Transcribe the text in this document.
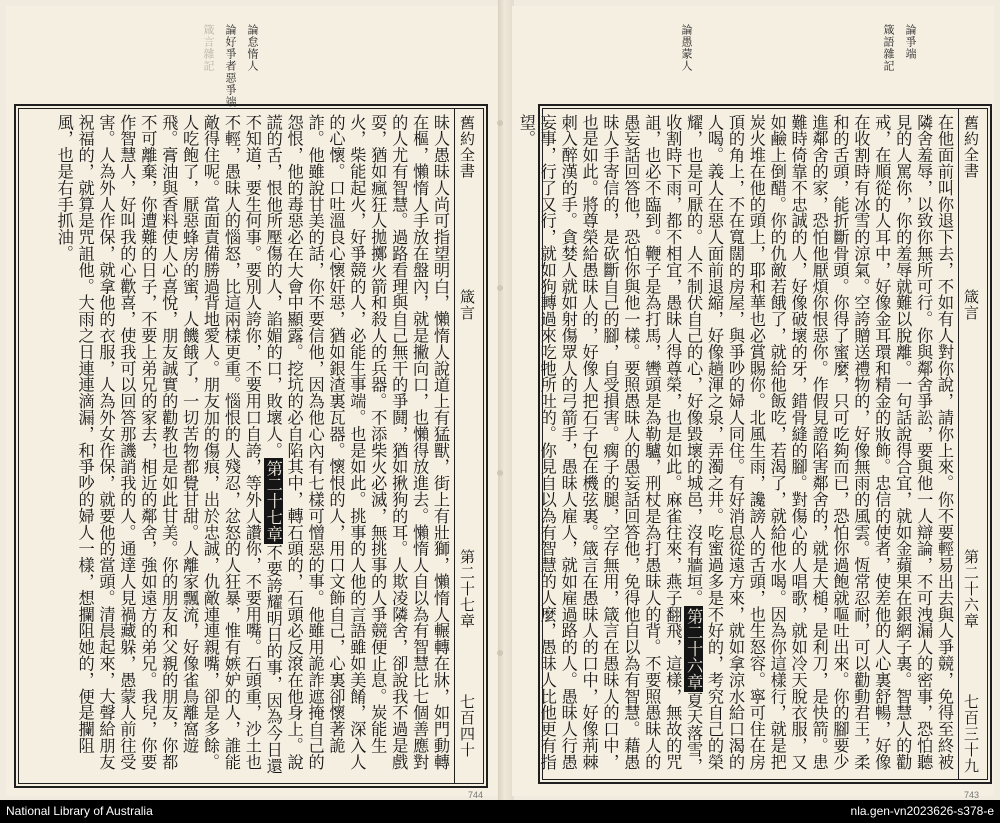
論怠惰人
論好爭者惡爭端
箴言雜記
舊約全書
箴言
第二十七章
七百四十
昧人愚昧人尚可指望明白，懶惰人說道上有猛獸，街上有壯獅，懶惰人輾轉在牀，如門動轉在樞，懶惰人手放在盤內，就是撇向口，也懶得放進去。懶惰人自以為有智慧比七個善應對的人尤有智慧。過路看理與自己無干的爭鬪，猶如揪狗的耳。人欺凌隣舍，卻說我不過是戲耍，猶如瘋狂人拋擲火箭和殺人的兵器。不添柴火必滅，無挑事的人爭競便止息。炭能生火，柴能起火，好爭競的人，必能生事端。也是如此。挑事的人他的言語雖如美餚，深入人的心懷。口吐溫良心懷奸惡，猶如銀渣裏瓦器。懷恨的人，用口文飾自己，心裏卻懷著詭詐。他雖說甘美的話，你不要信他，因為他心內有七樣可憎惡的事。他雖用詭詐遮掩自己的怨恨，他的毒惡必在大會中顯露。挖坑的必自陷其中，轉石頭的，石頭必反滾在他身上。說謊的舌，恨他所壓傷的人，諂媚的口，敗壞人。第二十七章不要誇耀明日的事，因為今日還不知道，要生何事。要別人誇你，不要用口自誇，等外人讚你，不要用嘴。石頭重，沙土也不輕，愚昧人的惱怒，比這兩樣更重。惱恨的人殘忍，忿怒的人狂暴，惟有嫉妒的人，誰能敵得住呢。當面責備勝過背地愛人。朋友加的傷痕，出於忠誠，仇敵連連親嘴，卻是多餘。人吃飽了，厭惡蜂房的蜜，人饑餓了，一切苦物都覺甘甜。人離家飄流，好像雀鳥離窩遊飛。膏油與香料使人心喜悅，朋友誠實的勸教也是如此甘美。你的朋友和父親的朋友，你都不可離棄，你遭難的日子，不要上弟兄的家去，相近的鄰舍，強如遠方的弟兄。我兒，你要作智慧人，好叫我的心歡喜，使我可以回答那譏誚我的人。通達人見禍藏躲，愚蒙人前往受害。人為外人作保，就拿他的衣服，人為外女作保，就要他的當頭。清晨起來，大聲給朋友祝福的，就算是咒詛他。大雨之日連連滴漏，和爭吵的婦人一樣，想攔阻她的，便是攔阻風，也是右手抓油。
744
論爭端
箴語雜記
論愚蒙人
舊約全書
箴言
第二十六章
七百三十九
在他面前叫你退下去，不如有人對你說，請你上來。你不要輕易出去與人爭競，免得至終被隣舍羞辱，以致你無所可行。你與鄰舍爭訟，要與他一人辯論，不可洩漏人的密事，恐怕聽見的人罵你，你的羞辱就難以脫離。一句話說得合宜，就如金蘋果在銀網子裏。智慧人的勸戒，在順從的人耳中，好像金耳環和精金的妝飾。忠信的使者，使差他的人心裏舒暢，好像在收割時有冰雪的涼氣。空誇贈送禮物的，好像無雨的風雲。恆常忍耐，可以勸動君王，柔和的舌頭，能折斷骨頭。你得了蜜麼，只可吃夠而已，恐怕你過飽就嘔吐出來。你的腳要少進鄰舍的家，恐怕他厭煩你恨惡你。作假見證陷害鄰舍的，就是大槌，是利刀，是快箭。患難時倚靠不忠誠的人，好像破壞的牙，錯骨縫的腳。對傷心的人唱歌，就如冷天脫衣服，又如鹼上倒醋。你的仇敵若餓了，就給他飯吃，若渴了，就給他水喝。因為你這樣行，就是把炭火堆在他的頭上，耶和華也必賞賜你。北風生雨，讒謗人的舌頭，也生怒容。寧可住在房頂的角上，不在寬闊的房屋，與爭吵的婦人同住。有好消息從遠方來，就如拿涼水給口渴的人喝。義人在惡人面前退縮，好像趟渾之泉，弄濁之井。吃蜜過多是不好的，考究自己的榮耀，也是可厭的。人不制伏自己的心，好像毀壞的城邑，沒有牆垣。第二十六章夏天落雪，收割時下雨，都不相宜，愚昧人得尊榮，也是如此。麻雀往來，燕子翻飛，這樣，無故的咒詛，也必不臨到。鞭子是為打馬，轡頭是為勒驢，刑杖是為打愚昧人的背。不要照愚昧人的愚妄話回答他，恐怕你與他一樣。要照愚昧人的愚妄話回答他，免得他自以為有智慧。藉愚昧人手寄信的，是砍斷自己的腳，自受損害。瘸子的腿，空存無用，箴言在愚昧人的口中，也是如此。將尊榮給愚昧人的，好像人把石子包在機弦裏。箴言在愚昧人的口中，好像荊棘刺入醉漢的手。貪婪人就如射傷眾人的弓箭手，愚昧人雇人，就如雇過路的人。愚昧人行愚妄事，行了又行，就如狗轉過來吃牠所吐的。你見自以為有智慧的人麼，愚昧人比他更有指望。
743
National Library of Australia	nla.gen-vn2023626-s378-e
